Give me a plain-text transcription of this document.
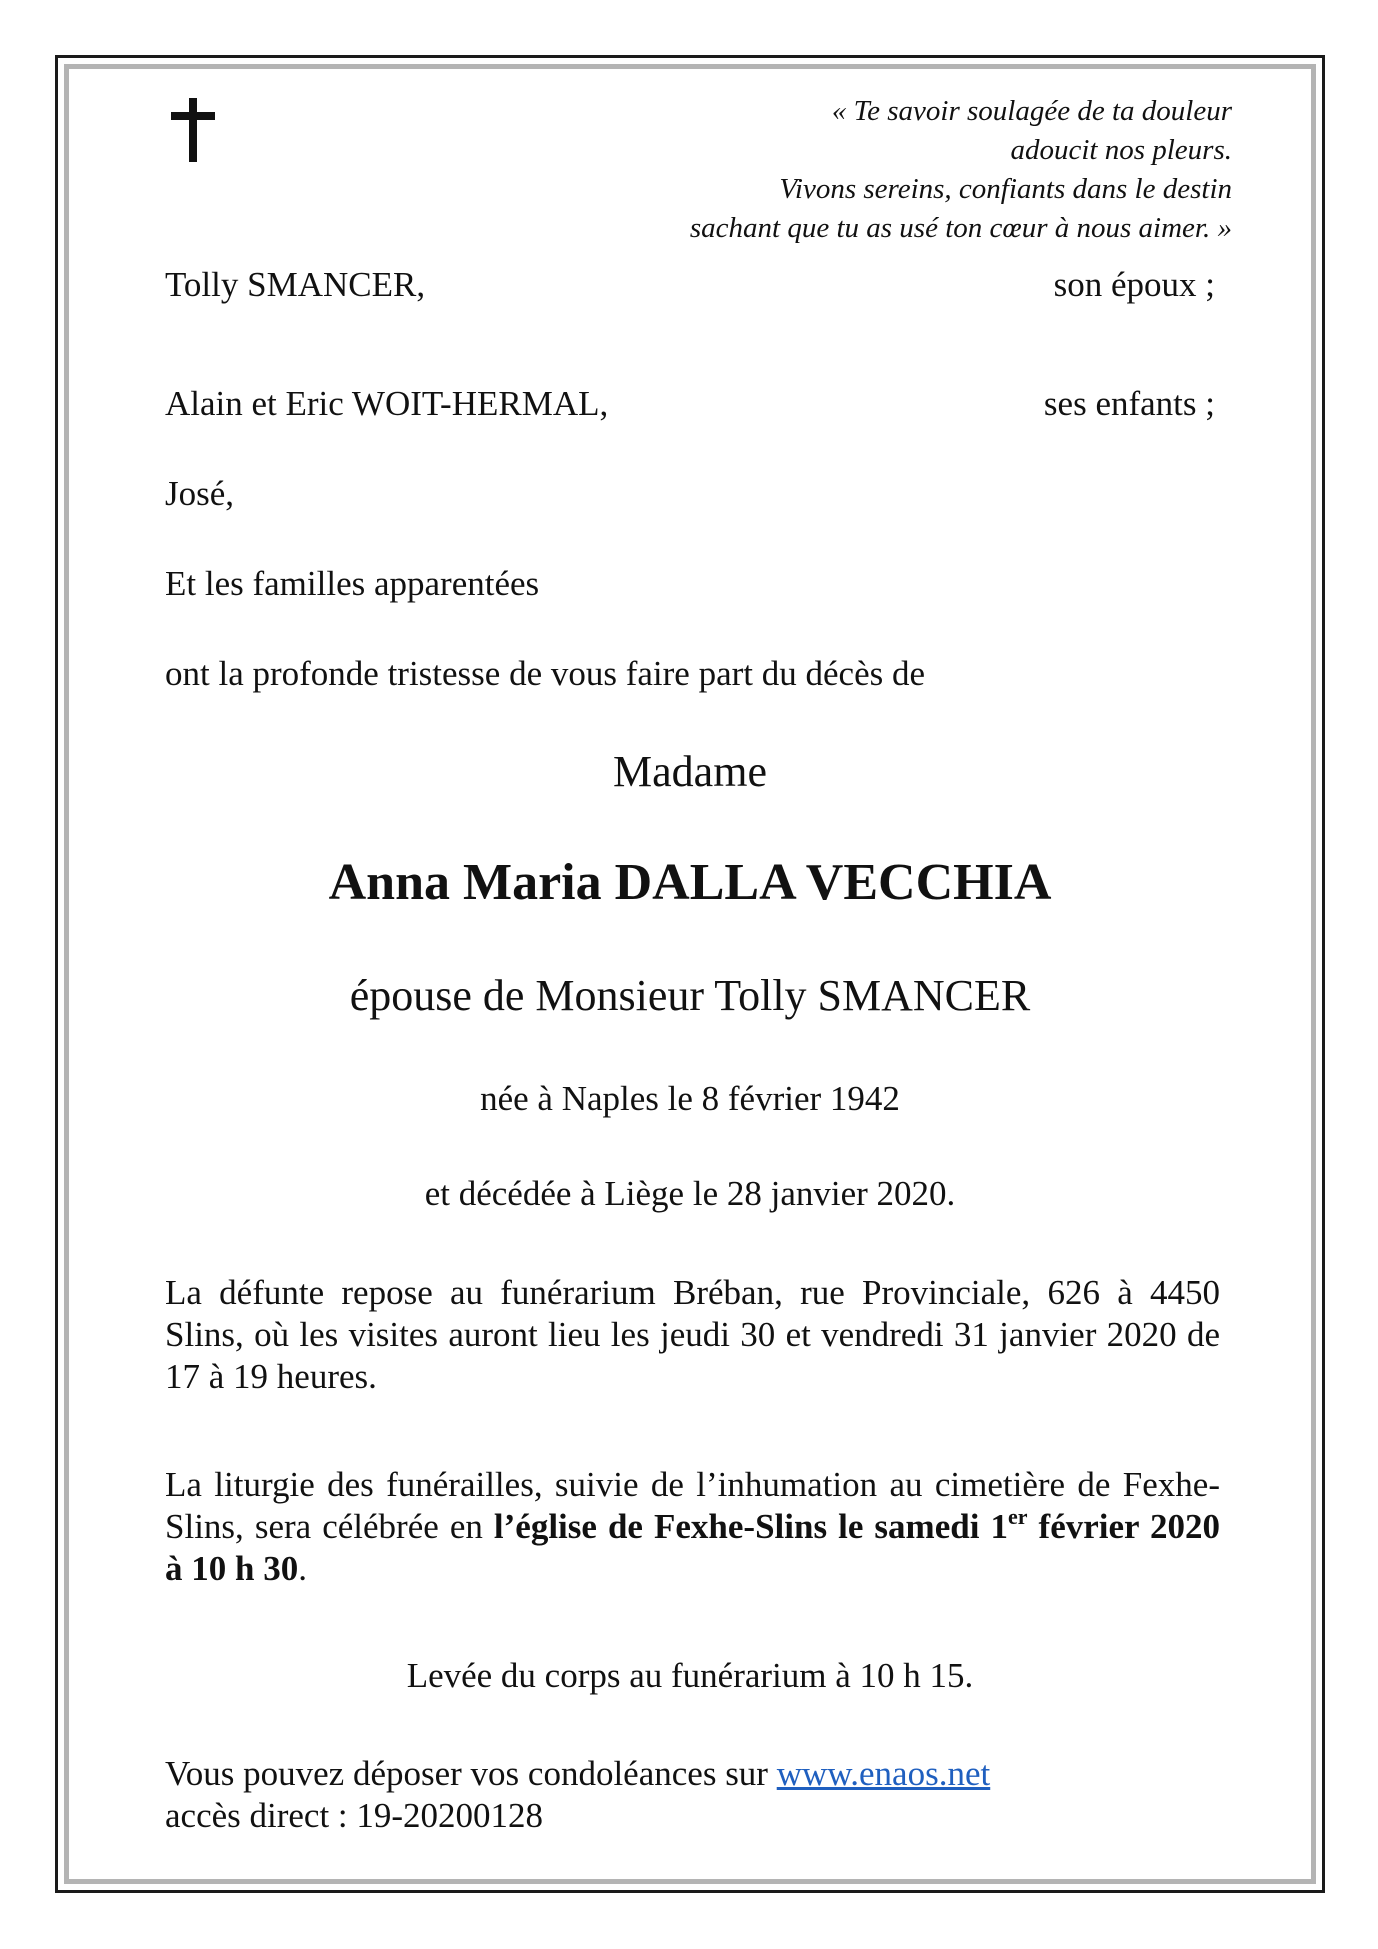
« Te savoir soulagée de ta douleur
adoucit nos pleurs.
Vivons sereins, confiants dans le destin
sachant que tu as usé ton cœur à nous aimer. »
Tolly SMANCER,	son époux ;
Alain et Eric WOIT-HERMAL,	ses enfants ;
José,
Et les familles apparentées
ont la profonde tristesse de vous faire part du décès de
Madame
Anna Maria DALLA VECCHIA
épouse de Monsieur Tolly SMANCER
née à Naples le 8 février 1942
et décédée à Liège le 28 janvier 2020.
La défunte repose au funérarium Bréban, rue Provinciale, 626 à 4450 Slins, où les visites auront lieu les jeudi 30 et vendredi 31 janvier 2020 de 17 à 19 heures.
La liturgie des funérailles, suivie de l’inhumation au cimetière de Fexhe-Slins, sera célébrée en l’église de Fexhe-Slins le samedi 1er février 2020 à 10 h 30.
Levée du corps au funérarium à 10 h 15.
Vous pouvez déposer vos condoléances sur www.enaos.net
accès direct : 19-20200128
